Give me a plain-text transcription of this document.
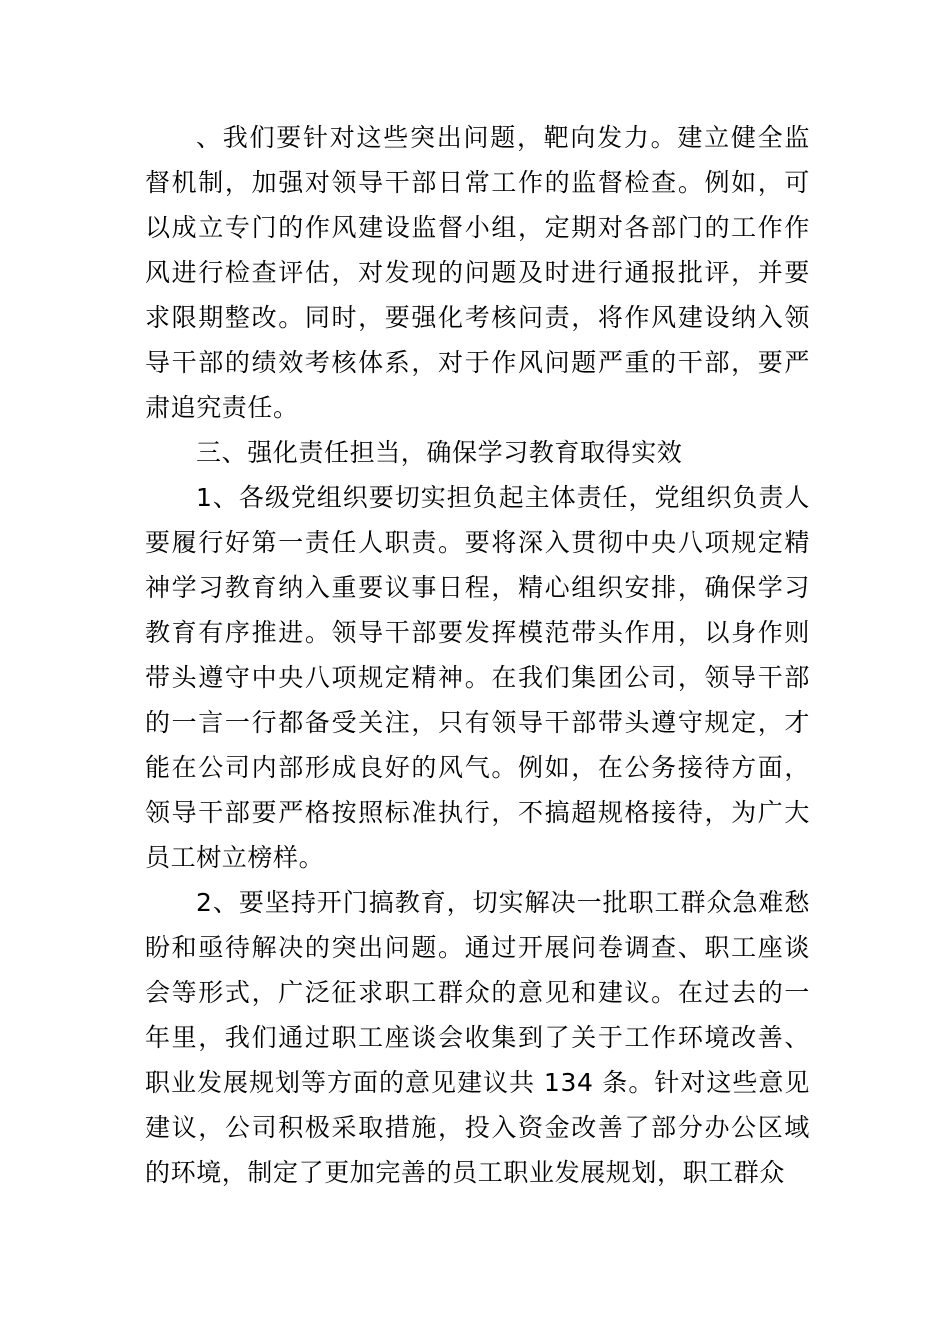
、我们要针对这些突出问题，靶向发力。建立健全监督机制，加强对领导干部日常工作的监督检查。例如，可以成立专门的作风建设监督小组，定期对各部门的工作作风进行检查评估，对发现的问题及时进行通报批评，并要求限期整改。同时，要强化考核问责，将作风建设纳入领导干部的绩效考核体系，对于作风问题严重的干部，要严肃追究责任。

三、强化责任担当，确保学习教育取得实效

1、各级党组织要切实担负起主体责任，党组织负责人要履行好第一责任人职责。要将深入贯彻中央八项规定精神学习教育纳入重要议事日程，精心组织安排，确保学习教育有序推进。领导干部要发挥模范带头作用，以身作则带头遵守中央八项规定精神。在我们集团公司，领导干部的一言一行都备受关注，只有领导干部带头遵守规定，才能在公司内部形成良好的风气。例如，在公务接待方面，领导干部要严格按照标准执行，不搞超规格接待，为广大员工树立榜样。

2、要坚持开门搞教育，切实解决一批职工群众急难愁盼和亟待解决的突出问题。通过开展问卷调查、职工座谈会等形式，广泛征求职工群众的意见和建议。在过去的一年里，我们通过职工座谈会收集到了关于工作环境改善、职业发展规划等方面的意见建议共 134 条。针对这些意见建议，公司积极采取措施，投入资金改善了部分办公区域的环境，制定了更加完善的员工职业发展规划，职工群众
